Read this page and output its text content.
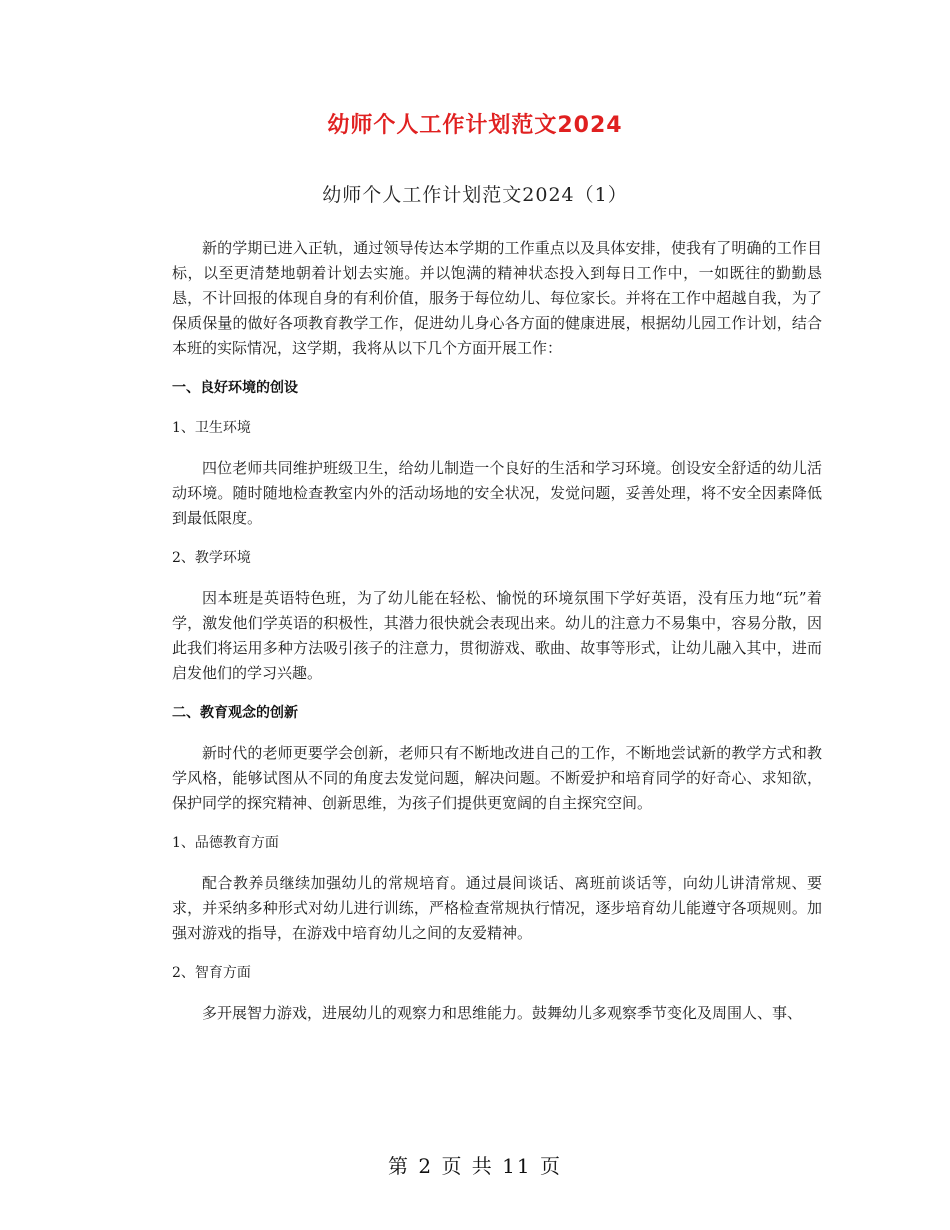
幼师个人工作计划范文2024
幼师个人工作计划范文2024（1）

新的学期已进入正轨，通过领导传达本学期的工作重点以及具体安排，使我有了明确的工作目标，以至更清楚地朝着计划去实施。并以饱满的精神状态投入到每日工作中，一如既往的勤勤恳恳，不计回报的体现自身的有利价值，服务于每位幼儿、每位家长。并将在工作中超越自我，为了保质保量的做好各项教育教学工作，促进幼儿身心各方面的健康进展，根据幼儿园工作计划，结合本班的实际情况，这学期，我将从以下几个方面开展工作：

一、良好环境的创设
1、卫生环境

四位老师共同维护班级卫生，给幼儿制造一个良好的生活和学习环境。创设安全舒适的幼儿活动环境。随时随地检查教室内外的活动场地的安全状况，发觉问题，妥善处理，将不安全因素降低到最低限度。

2、教学环境

因本班是英语特色班，为了幼儿能在轻松、愉悦的环境氛围下学好英语，没有压力地“玩”着学，激发他们学英语的积极性，其潜力很快就会表现出来。幼儿的注意力不易集中，容易分散，因此我们将运用多种方法吸引孩子的注意力，贯彻游戏、歌曲、故事等形式，让幼儿融入其中，进而启发他们的学习兴趣。

二、教育观念的创新

新时代的老师更要学会创新，老师只有不断地改进自己的工作，不断地尝试新的教学方式和教学风格，能够试图从不同的角度去发觉问题，解决问题。不断爱护和培育同学的好奇心、求知欲，保护同学的探究精神、创新思维，为孩子们提供更宽阔的自主探究空间。

1、品德教育方面

配合教养员继续加强幼儿的常规培育。通过晨间谈话、离班前谈话等，向幼儿讲清常规、要求，并采纳多种形式对幼儿进行训练，严格检查常规执行情况，逐步培育幼儿能遵守各项规则。加强对游戏的指导，在游戏中培育幼儿之间的友爱精神。

2、智育方面

多开展智力游戏，进展幼儿的观察力和思维能力。鼓舞幼儿多观察季节变化及周围人、事、

第 2 页 共 11 页
